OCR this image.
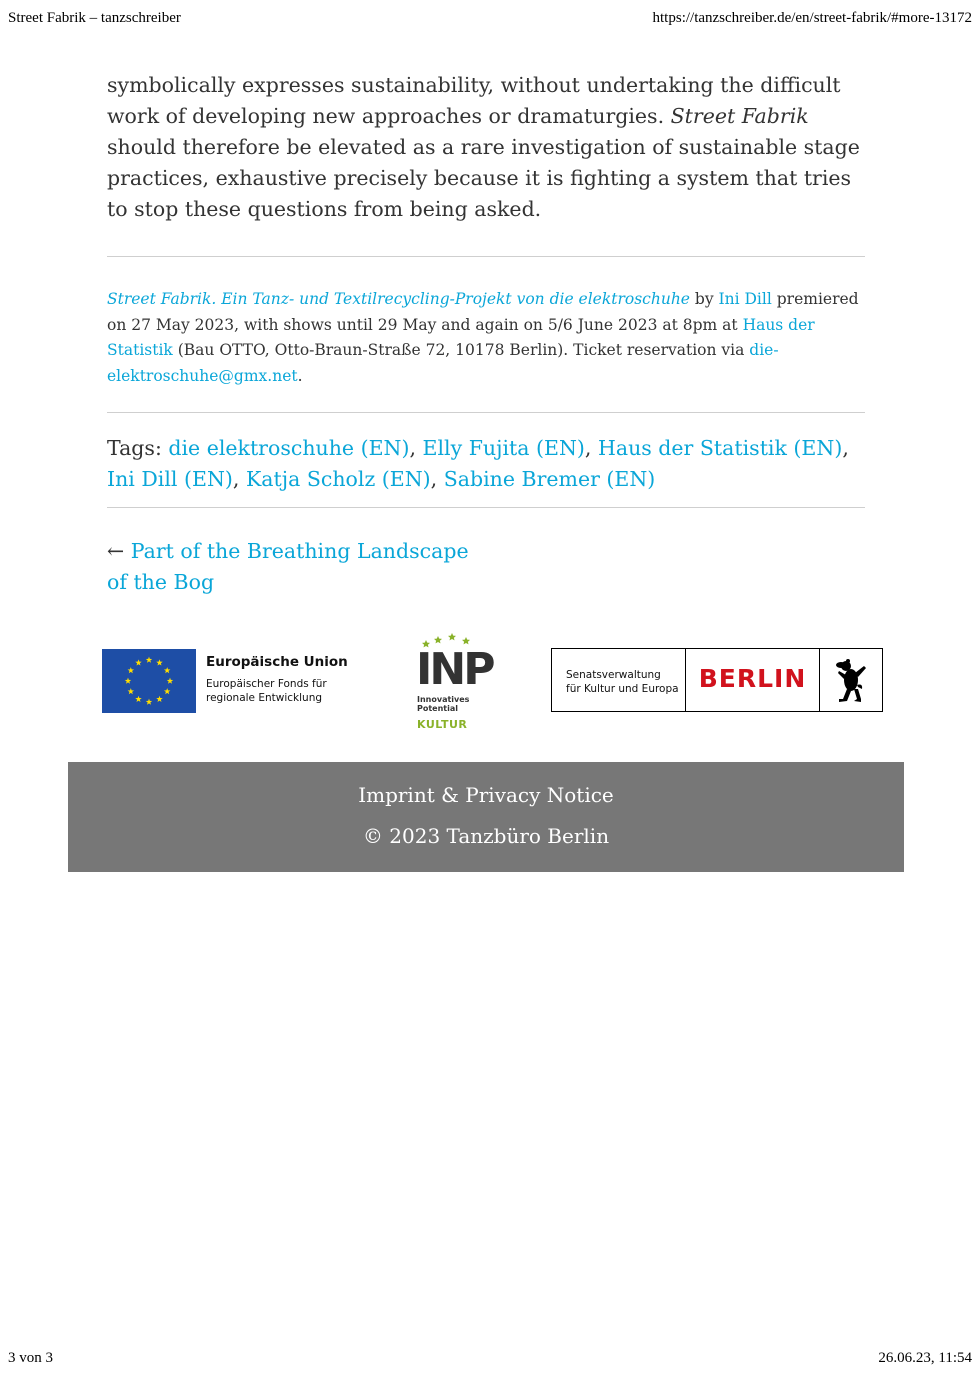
Street Fabrik – tanzschreiber	https://tanzschreiber.de/en/street-fabrik/#more-13172

symbolically expresses sustainability, without undertaking the difficult work of developing new approaches or dramaturgies. Street Fabrik should therefore be elevated as a rare investigation of sustainable stage practices, exhaustive precisely because it is fighting a system that tries to stop these questions from being asked.

Street Fabrik. Ein Tanz- und Textilrecycling-Projekt von die elektroschuhe by Ini Dill premiered on 27 May 2023, with shows until 29 May and again on 5/6 June 2023 at 8pm at Haus der Statistik (Bau OTTO, Otto-Braun-Straße 72, 10178 Berlin). Ticket reservation via die-elektroschuhe@gmx.net.

Tags: die elektroschuhe (EN), Elly Fujita (EN), Haus der Statistik (EN), Ini Dill (EN), Katja Scholz (EN), Sabine Bremer (EN)

← Part of the Breathing Landscape of the Bog
Europäische Union
Europäischer Fonds für
regionale Entwicklung
INP
Innovatives
Potential
KULTUR
Senatsverwaltung
für Kultur und Europa BERLIN
Imprint & Privacy Notice
© 2023 Tanzbüro Berlin
3 von 3	26.06.23, 11:54
